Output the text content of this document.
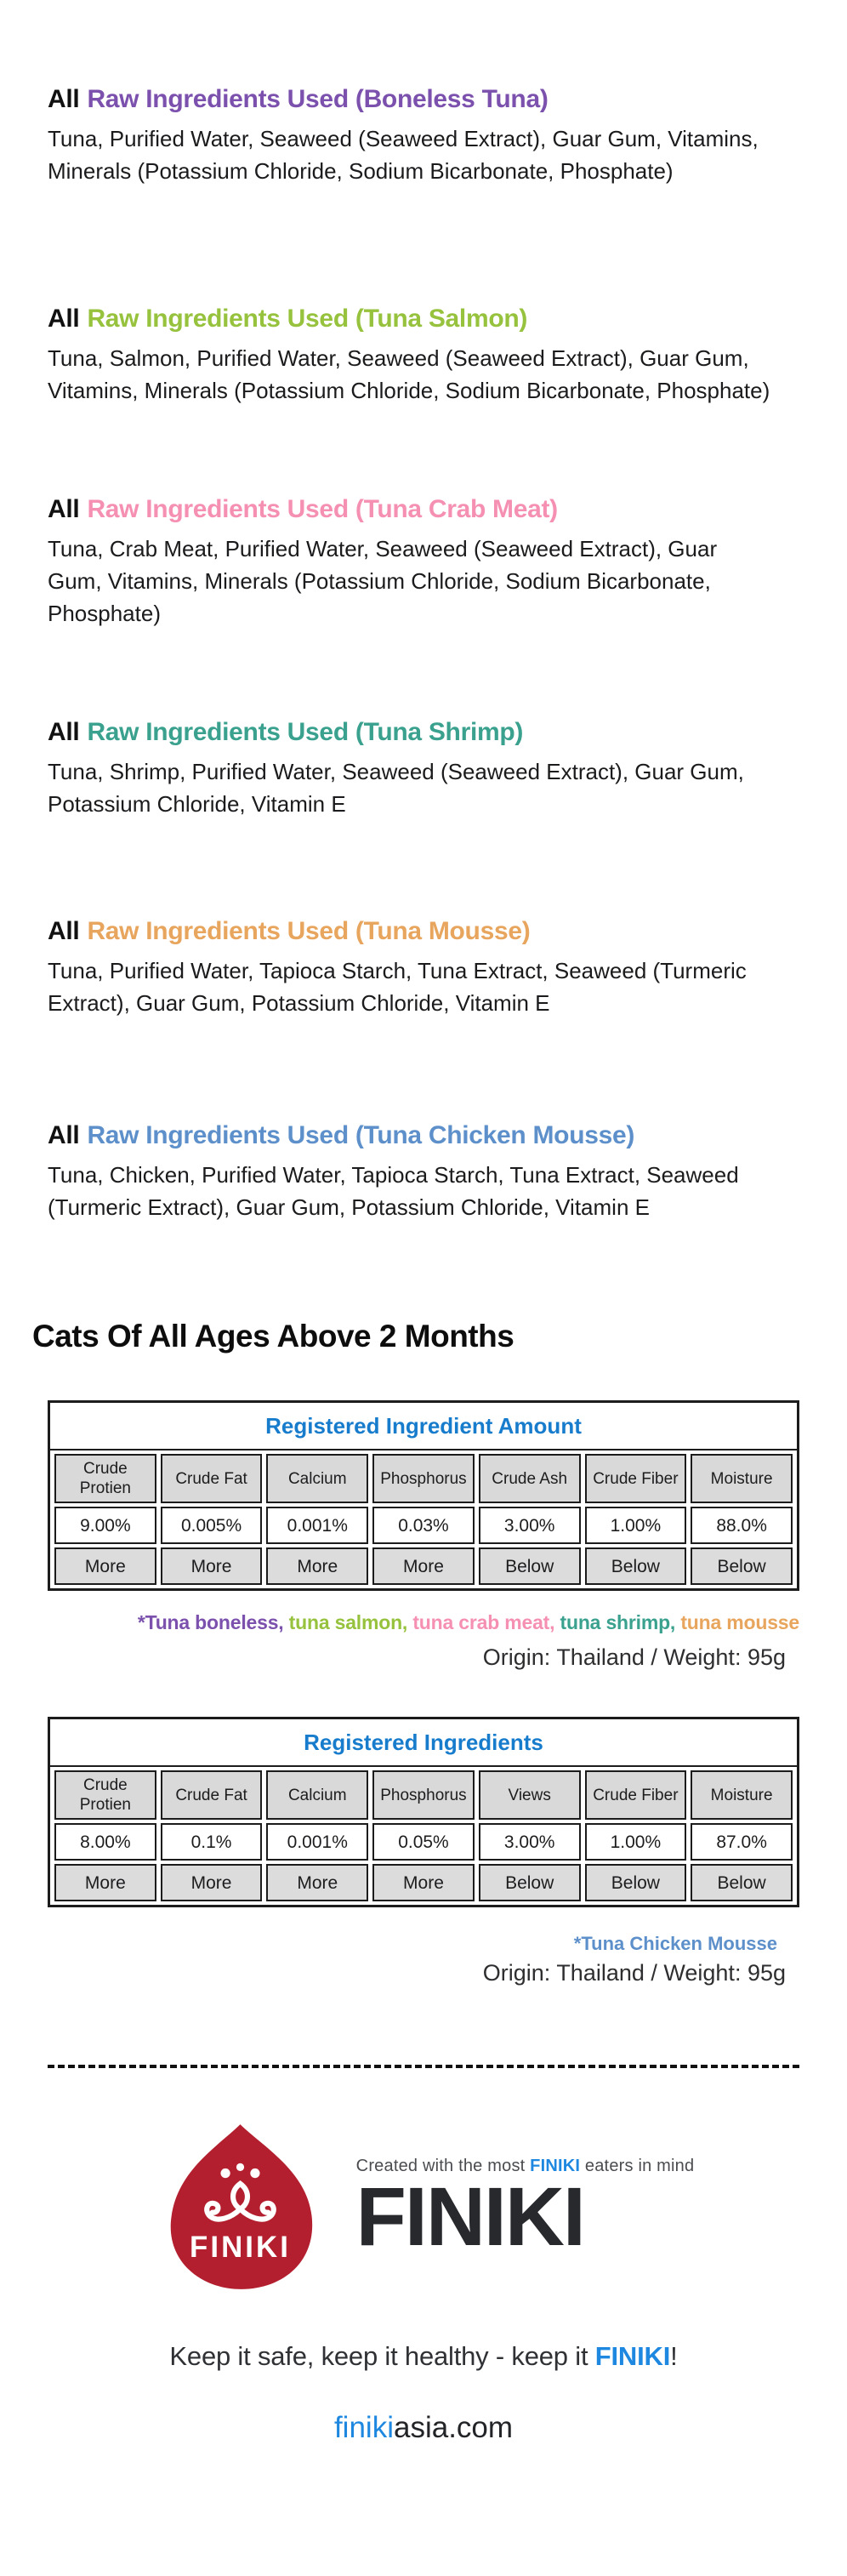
All Raw Ingredients Used (Boneless Tuna)

Tuna, Purified Water, Seaweed (Seaweed Extract), Guar Gum, Vitamins, Minerals (Potassium Chloride, Sodium Bicarbonate, Phosphate)

All Raw Ingredients Used (Tuna Salmon)

Tuna, Salmon, Purified Water, Seaweed (Seaweed Extract), Guar Gum, Vitamins, Minerals (Potassium Chloride, Sodium Bicarbonate, Phosphate)

All Raw Ingredients Used (Tuna Crab Meat)

Tuna, Crab Meat, Purified Water, Seaweed (Seaweed Extract), Guar Gum, Vitamins, Minerals (Potassium Chloride, Sodium Bicarbonate, Phosphate)

All Raw Ingredients Used (Tuna Shrimp)

Tuna, Shrimp, Purified Water, Seaweed (Seaweed Extract), Guar Gum, Potassium Chloride, Vitamin E

All Raw Ingredients Used (Tuna Mousse)

Tuna, Purified Water, Tapioca Starch, Tuna Extract, Seaweed (Turmeric Extract), Guar Gum, Potassium Chloride, Vitamin E

All Raw Ingredients Used (Tuna Chicken Mousse)

Tuna, Chicken, Purified Water, Tapioca Starch, Tuna Extract, Seaweed (Turmeric Extract), Guar Gum, Potassium Chloride, Vitamin E

Cats Of All Ages Above 2 Months
Registered Ingredient Amount
Crude Protien	Crude Fat	Calcium	Phosphorus	Crude Ash	Crude Fiber	Moisture
9.00%	0.005%	0.001%	0.03%	3.00%	1.00%	88.0%
More	More	More	More	Below	Below	Below
*Tuna boneless, tuna salmon, tuna crab meat, tuna shrimp, tuna mousse
Origin: Thailand / Weight: 95g
Registered Ingredients
Crude Protien	Crude Fat	Calcium	Phosphorus	Views	Crude Fiber	Moisture
8.00%	0.1%	0.001%	0.05%	3.00%	1.00%	87.0%
More	More	More	More	Below	Below	Below
*Tuna Chicken Mousse
Origin: Thailand / Weight: 95g
FINIKI
Created with the most FINIKI eaters in mind
FINIKI
Keep it safe, keep it healthy - keep it FINIKI!
finikiasia.com
